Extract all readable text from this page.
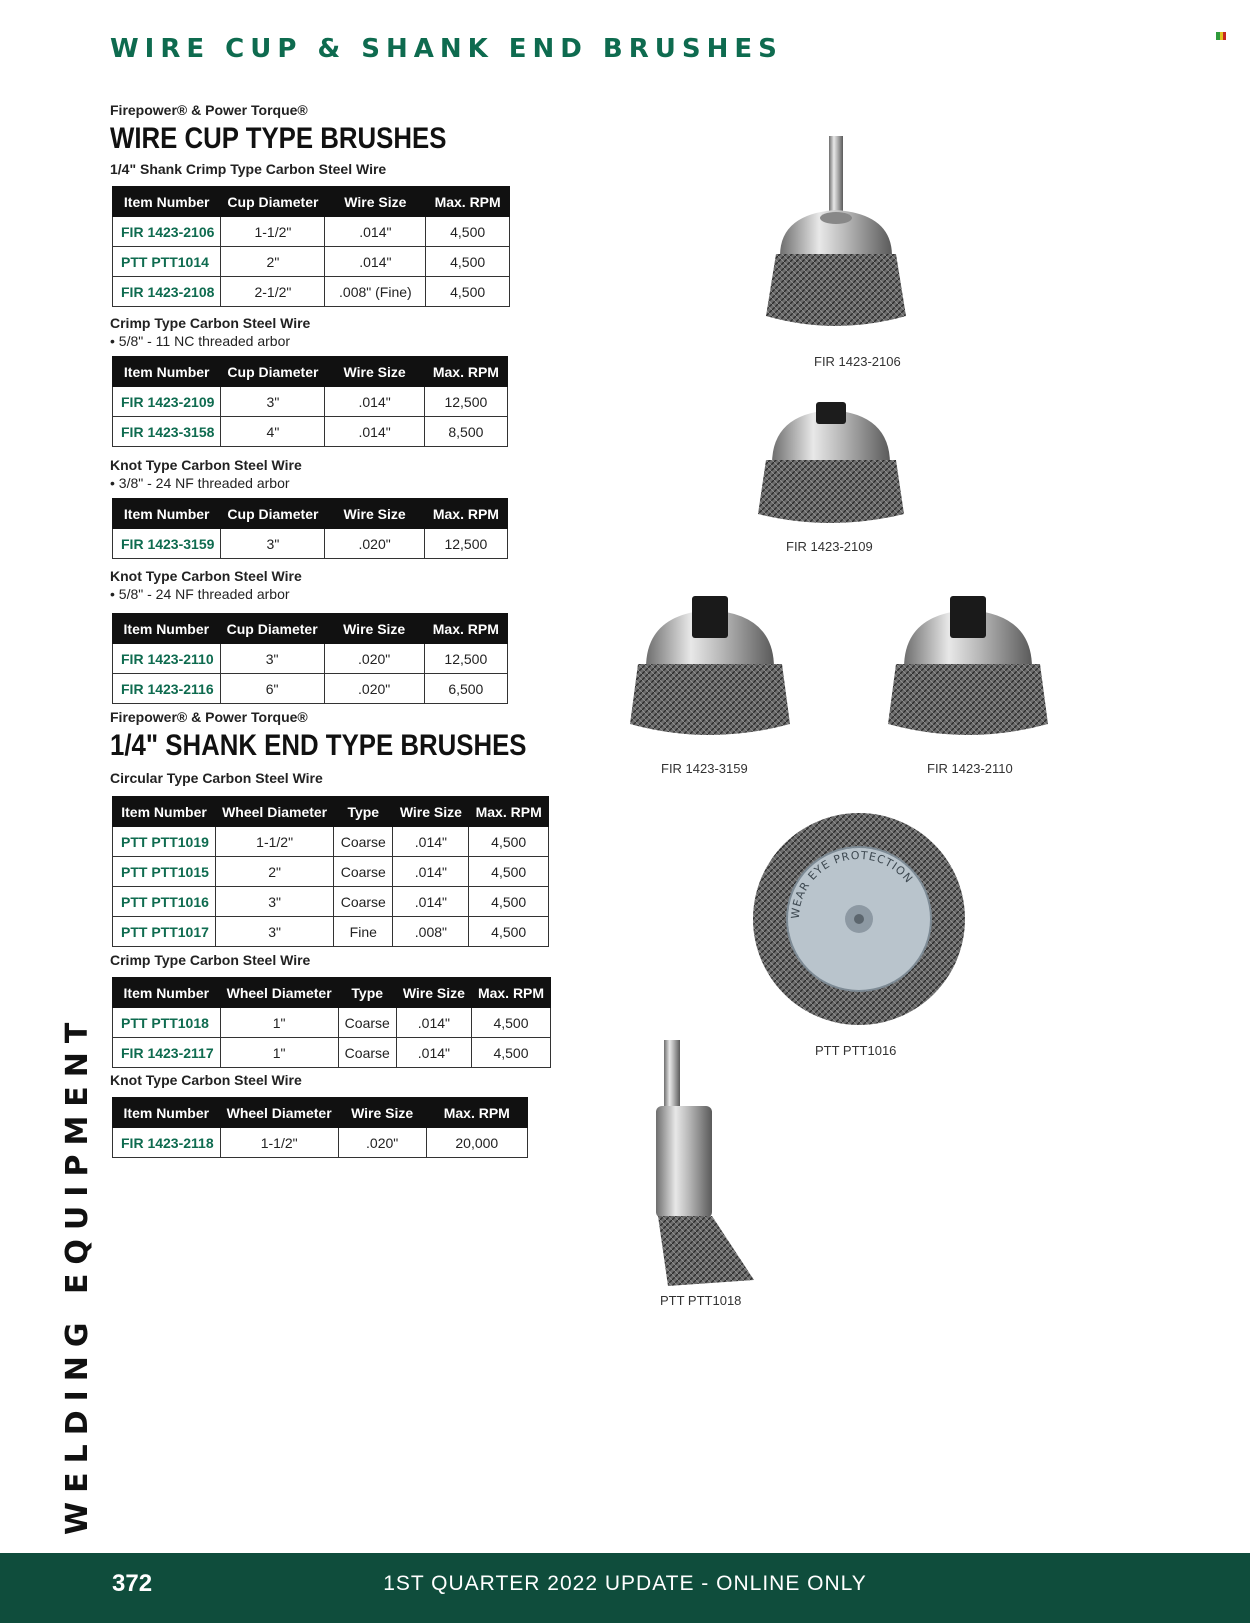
WIRE CUP & SHANK END BRUSHES
Firepower® & Power Torque®
WIRE CUP TYPE BRUSHES
1/4" Shank Crimp Type Carbon Steel Wire
Item Number	Cup Diameter	Wire Size	Max. RPM
FIR 1423-2106	1-1/2"	.014"	4,500
PTT PTT1014	2"	.014"	4,500
FIR 1423-2108	2-1/2"	.008" (Fine)	4,500
Crimp Type Carbon Steel Wire
• 5/8" - 11 NC threaded arbor
Item Number	Cup Diameter	Wire Size	Max. RPM
FIR 1423-2109	3"	.014"	12,500
FIR 1423-3158	4"	.014"	8,500
Knot Type Carbon Steel Wire
• 3/8" - 24 NF threaded arbor
Item Number	Cup Diameter	Wire Size	Max. RPM
FIR 1423-3159	3"	.020"	12,500
Knot Type Carbon Steel Wire
• 5/8" - 24 NF threaded arbor
Item Number	Cup Diameter	Wire Size	Max. RPM
FIR 1423-2110	3"	.020"	12,500
FIR 1423-2116	6"	.020"	6,500
Firepower® & Power Torque®
1/4" SHANK END TYPE BRUSHES
Circular Type Carbon Steel Wire
Item Number	Wheel Diameter	Type	Wire Size	Max. RPM
PTT PTT1019	1-1/2"	Coarse	.014"	4,500
PTT PTT1015	2"	Coarse	.014"	4,500
PTT PTT1016	3"	Coarse	.014"	4,500
PTT PTT1017	3"	Fine	.008"	4,500
Crimp Type Carbon Steel Wire
Item Number	Wheel Diameter	Type	Wire Size	Max. RPM
PTT PTT1018	1"	Coarse	.014"	4,500
FIR 1423-2117	1"	Coarse	.014"	4,500
Knot Type Carbon Steel Wire
Item Number	Wheel Diameter	Wire Size	Max. RPM
FIR 1423-2118	1-1/2"	.020"	20,000
FIR 1423-2106
FIR 1423-2109
FIR 1423-3159	FIR 1423-2110
WEAR EYE PROTECTION
PTT PTT1016
PTT PTT1018
WELDING EQUIPMENT
372	1ST QUARTER 2022 UPDATE - ONLINE ONLY
